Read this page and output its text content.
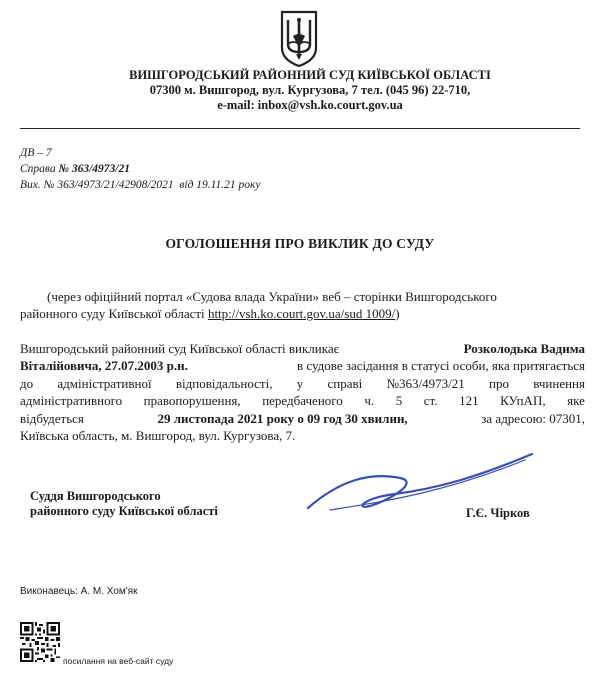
ВИШГОРОДСЬКИЙ РАЙОННИЙ СУД КИЇВСЬКОЇ ОБЛАСТІ
07300 м. Вишгород, вул. Кургузова, 7 тел. (045 96) 22-710,
e-mail: inbox@vsh.ko.court.gov.ua
ДВ – 7
Справа № 363/4973/21
Вих. № 363/4973/21/42908/2021 від 19.11.21 року
ОГОЛОШЕННЯ ПРО ВИКЛИК ДО СУДУ
(через офіційний портал «Судова влада України» веб – сторінки Вишгородського
районного суду Київської області http://vsh.ko.court.gov.ua/sud 1009/)
Вишгородський районний суд Київської області викликає	Розколодька Вадима
Віталійовича, 27.07.2003 р.н.	в судове засідання в статусі особи, яка притягається
до адміністративної відповідальності, у справі №363/4973/21 про вчинення
адміністративного правопорушення, передбаченого ч. 5 ст. 121 КУпАП, яке
відбудеться	29 листопада 2021 року о 09 год 30 хвилин,	за адресою: 07301,
Київська область, м. Вишгород, вул. Кургузова, 7.
Суддя Вишгородського
районного суду Київської області	Г.Є. Чірков
Виконавець: А. М. Хом'як
посилання на веб-сайт суду
